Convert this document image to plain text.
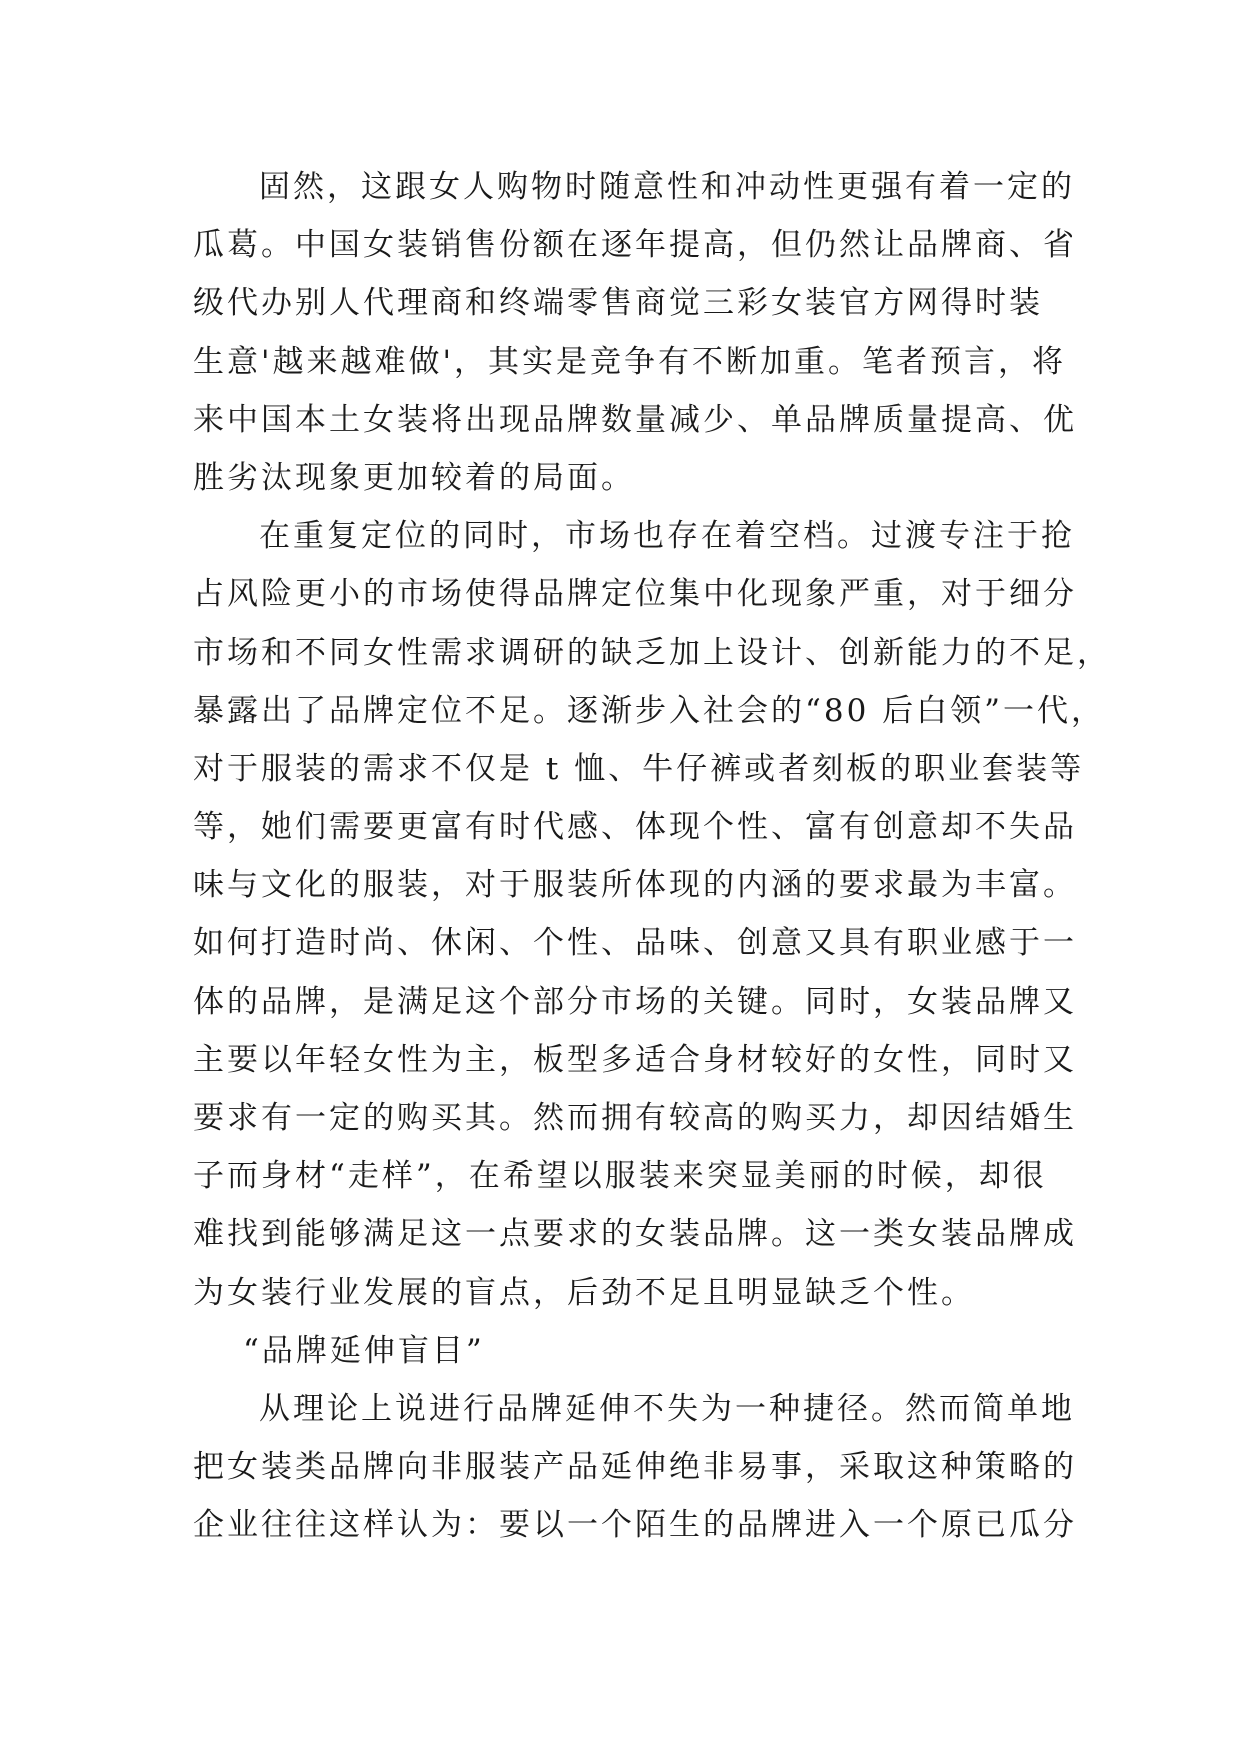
固然，这跟女人购物时随意性和冲动性更强有着一定的
瓜葛。中国女装销售份额在逐年提高，但仍然让品牌商、省
级代办别人代理商和终端零售商觉三彩女装官方网得时装
生意'越来越难做'，其实是竞争有不断加重。笔者预言，将
来中国本土女装将出现品牌数量减少、单品牌质量提高、优
胜劣汰现象更加较着的局面。
在重复定位的同时，市场也存在着空档。过渡专注于抢
占风险更小的市场使得品牌定位集中化现象严重，对于细分
市场和不同女性需求调研的缺乏加上设计、创新能力的不足，
暴露出了品牌定位不足。逐渐步入社会的“80 后白领”一代，
对于服装的需求不仅是 t 恤、牛仔裤或者刻板的职业套装等
等，她们需要更富有时代感、体现个性、富有创意却不失品
味与文化的服装，对于服装所体现的内涵的要求最为丰富。
如何打造时尚、休闲、个性、品味、创意又具有职业感于一
体的品牌，是满足这个部分市场的关键。同时，女装品牌又
主要以年轻女性为主，板型多适合身材较好的女性，同时又
要求有一定的购买其。然而拥有较高的购买力，却因结婚生
子而身材“走样”，在希望以服装来突显美丽的时候，却很
难找到能够满足这一点要求的女装品牌。这一类女装品牌成
为女装行业发展的盲点，后劲不足且明显缺乏个性。
“品牌延伸盲目”
从理论上说进行品牌延伸不失为一种捷径。然而简单地
把女装类品牌向非服装产品延伸绝非易事，采取这种策略的
企业往往这样认为：要以一个陌生的品牌进入一个原已瓜分
